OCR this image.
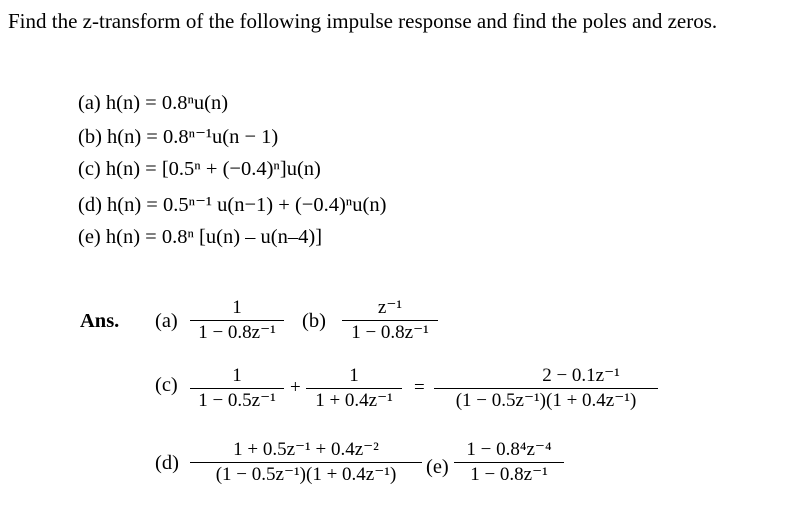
Find the z-transform of the following impulse response and find the poles and zeros.
(a) h(n) = 0.8ⁿu(n)
(b) h(n) = 0.8ⁿ⁻¹u(n − 1)
(c) h(n) = [0.5ⁿ + (−0.4)ⁿ]u(n)
(d) h(n) = 0.5ⁿ⁻¹ u(n−1) + (−0.4)ⁿu(n)
(e) h(n) = 0.8ⁿ [u(n) – u(n–4)]
Ans. (a)
1
1 − 0.8z⁻¹
(b)
z⁻¹
1 − 0.8z⁻¹
(c)	1
1 − 0.5z⁻¹
+
1
1 + 0.4z⁻¹
=
2 − 0.1z⁻¹
(1 − 0.5z⁻¹)(1 + 0.4z⁻¹)
(d)
1 + 0.5z⁻¹ + 0.4z⁻²
(1 − 0.5z⁻¹)(1 + 0.4z⁻¹)	(e)
1 − 0.8⁴z⁻⁴
1 − 0.8z⁻¹
